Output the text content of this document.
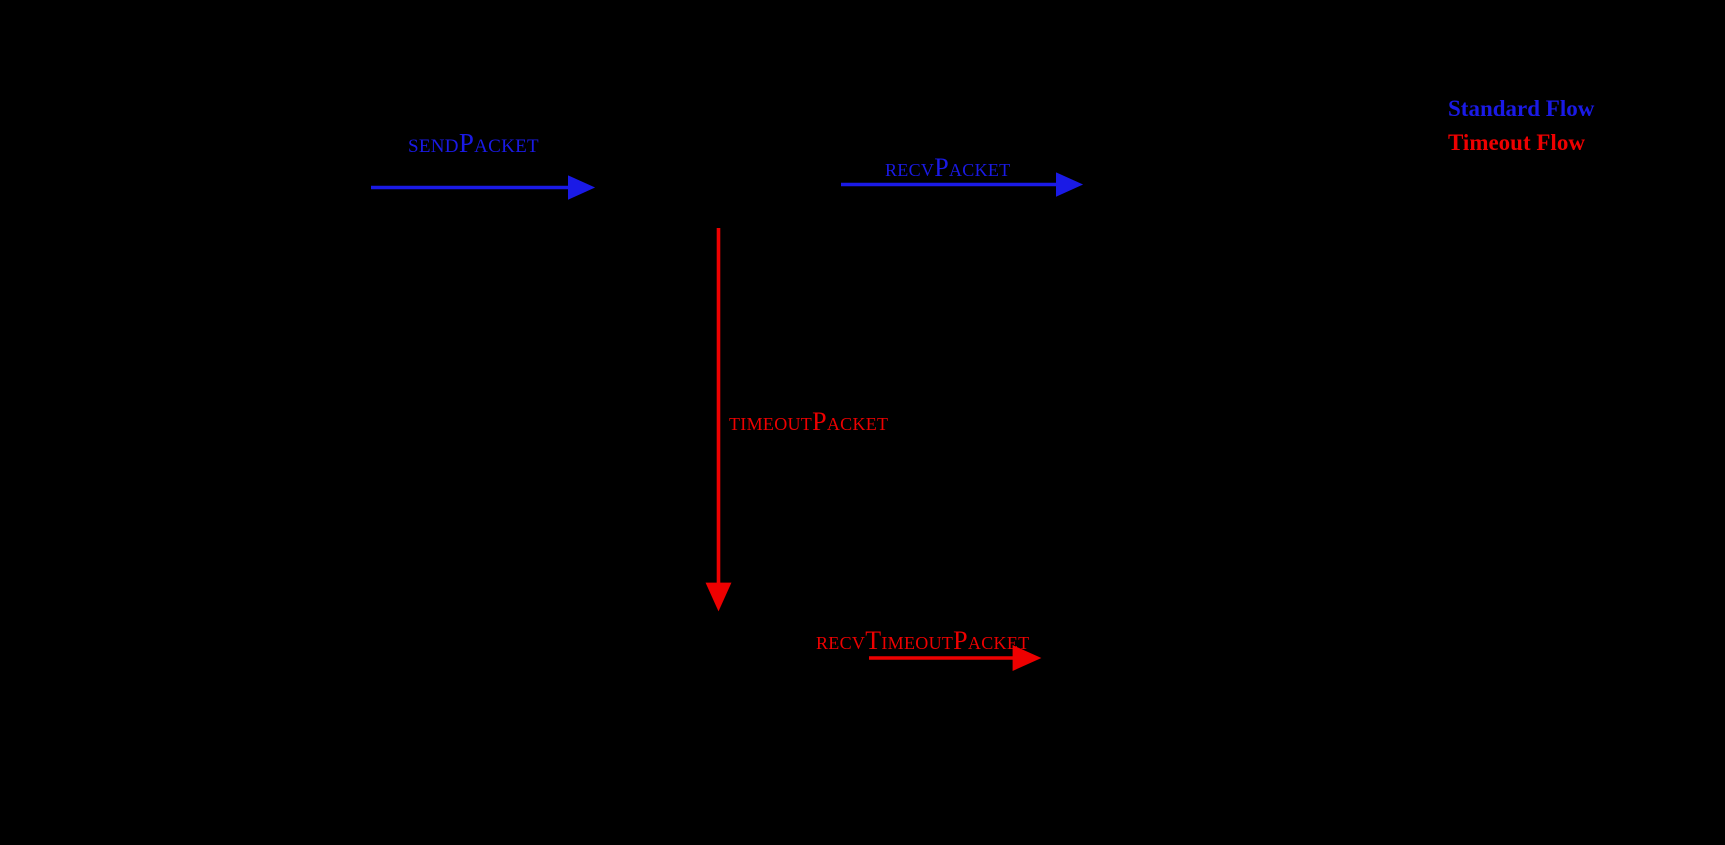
sendPacket
recvPacket
timeoutPacket
recvTimeoutPacket
Standard Flow
Timeout Flow
